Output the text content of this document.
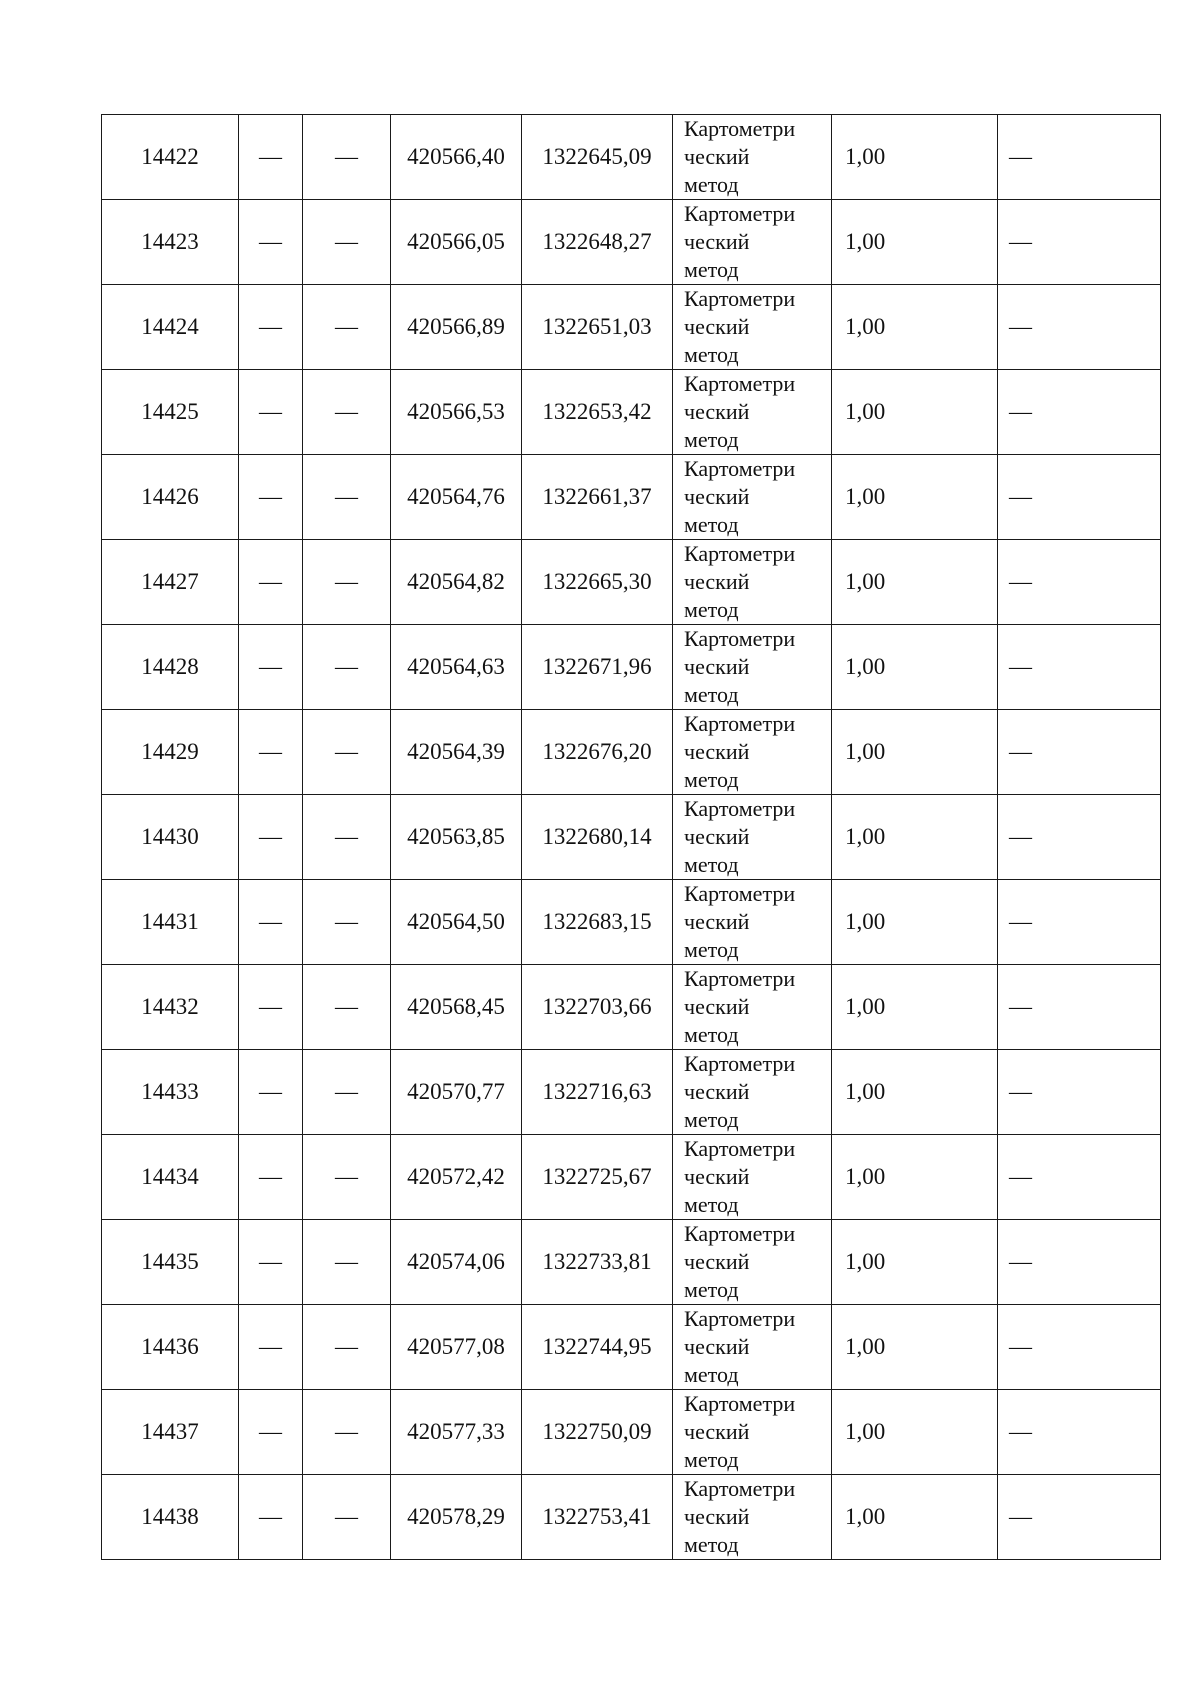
14422	—	—	420566,40	1322645,09	Картометри
ческий
метод	1,00	—
14423	—	—	420566,05	1322648,27	Картометри
ческий
метод	1,00	—
14424	—	—	420566,89	1322651,03	Картометри
ческий
метод	1,00	—
14425	—	—	420566,53	1322653,42	Картометри
ческий
метод	1,00	—
14426	—	—	420564,76	1322661,37	Картометри
ческий
метод	1,00	—
14427	—	—	420564,82	1322665,30	Картометри
ческий
метод	1,00	—
14428	—	—	420564,63	1322671,96	Картометри
ческий
метод	1,00	—
14429	—	—	420564,39	1322676,20	Картометри
ческий
метод	1,00	—
14430	—	—	420563,85	1322680,14	Картометри
ческий
метод	1,00	—
14431	—	—	420564,50	1322683,15	Картометри
ческий
метод	1,00	—
14432	—	—	420568,45	1322703,66	Картометри
ческий
метод	1,00	—
14433	—	—	420570,77	1322716,63	Картометри
ческий
метод	1,00	—
14434	—	—	420572,42	1322725,67	Картометри
ческий
метод	1,00	—
14435	—	—	420574,06	1322733,81	Картометри
ческий
метод	1,00	—
14436	—	—	420577,08	1322744,95	Картометри
ческий
метод	1,00	—
14437	—	—	420577,33	1322750,09	Картометри
ческий
метод	1,00	—
14438	—	—	420578,29	1322753,41	Картометри
ческий
метод	1,00	—
